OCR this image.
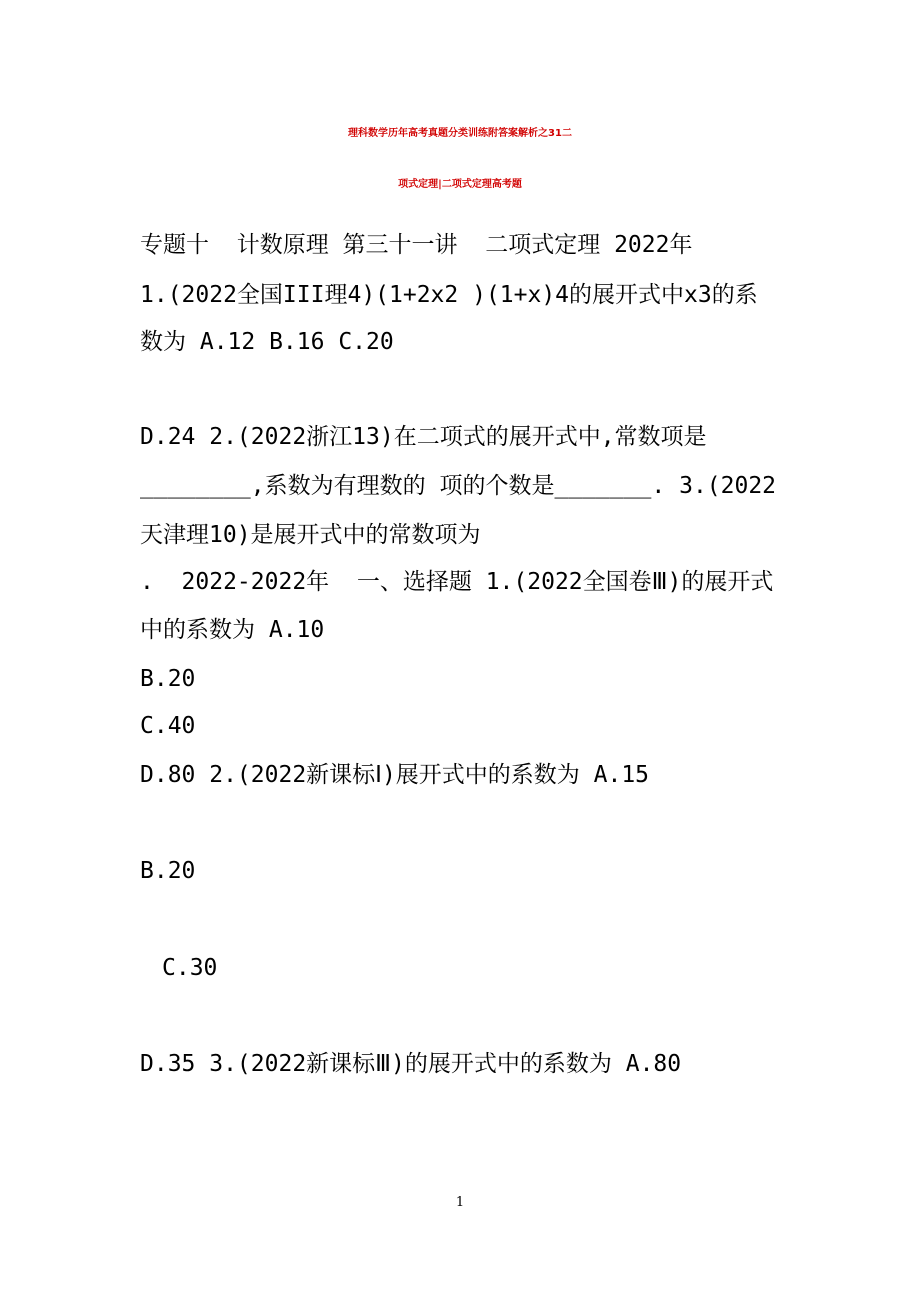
理科数学历年高考真题分类训练附答案解析之31二
项式定理|二项式定理高考题
专题十  计数原理 第三十一讲  二项式定理 2022年
1.(2022全国III理4)(1+2x2 )(1+x)4的展开式中x3的系
数为 A.12 B.16 C.20
D.24 2.(2022浙江13)在二项式的展开式中,常数项是
________,系数为有理数的 项的个数是_______. 3.(2022
天津理10)是展开式中的常数项为
.  2022-2022年  一、选择题 1.(2022全国卷Ⅲ)的展开式
中的系数为 A.10
B.20
C.40
D.80 2.(2022新课标Ⅰ)展开式中的系数为 A.15
B.20
C.30
D.35 3.(2022新课标Ⅲ)的展开式中的系数为 A.80
1
